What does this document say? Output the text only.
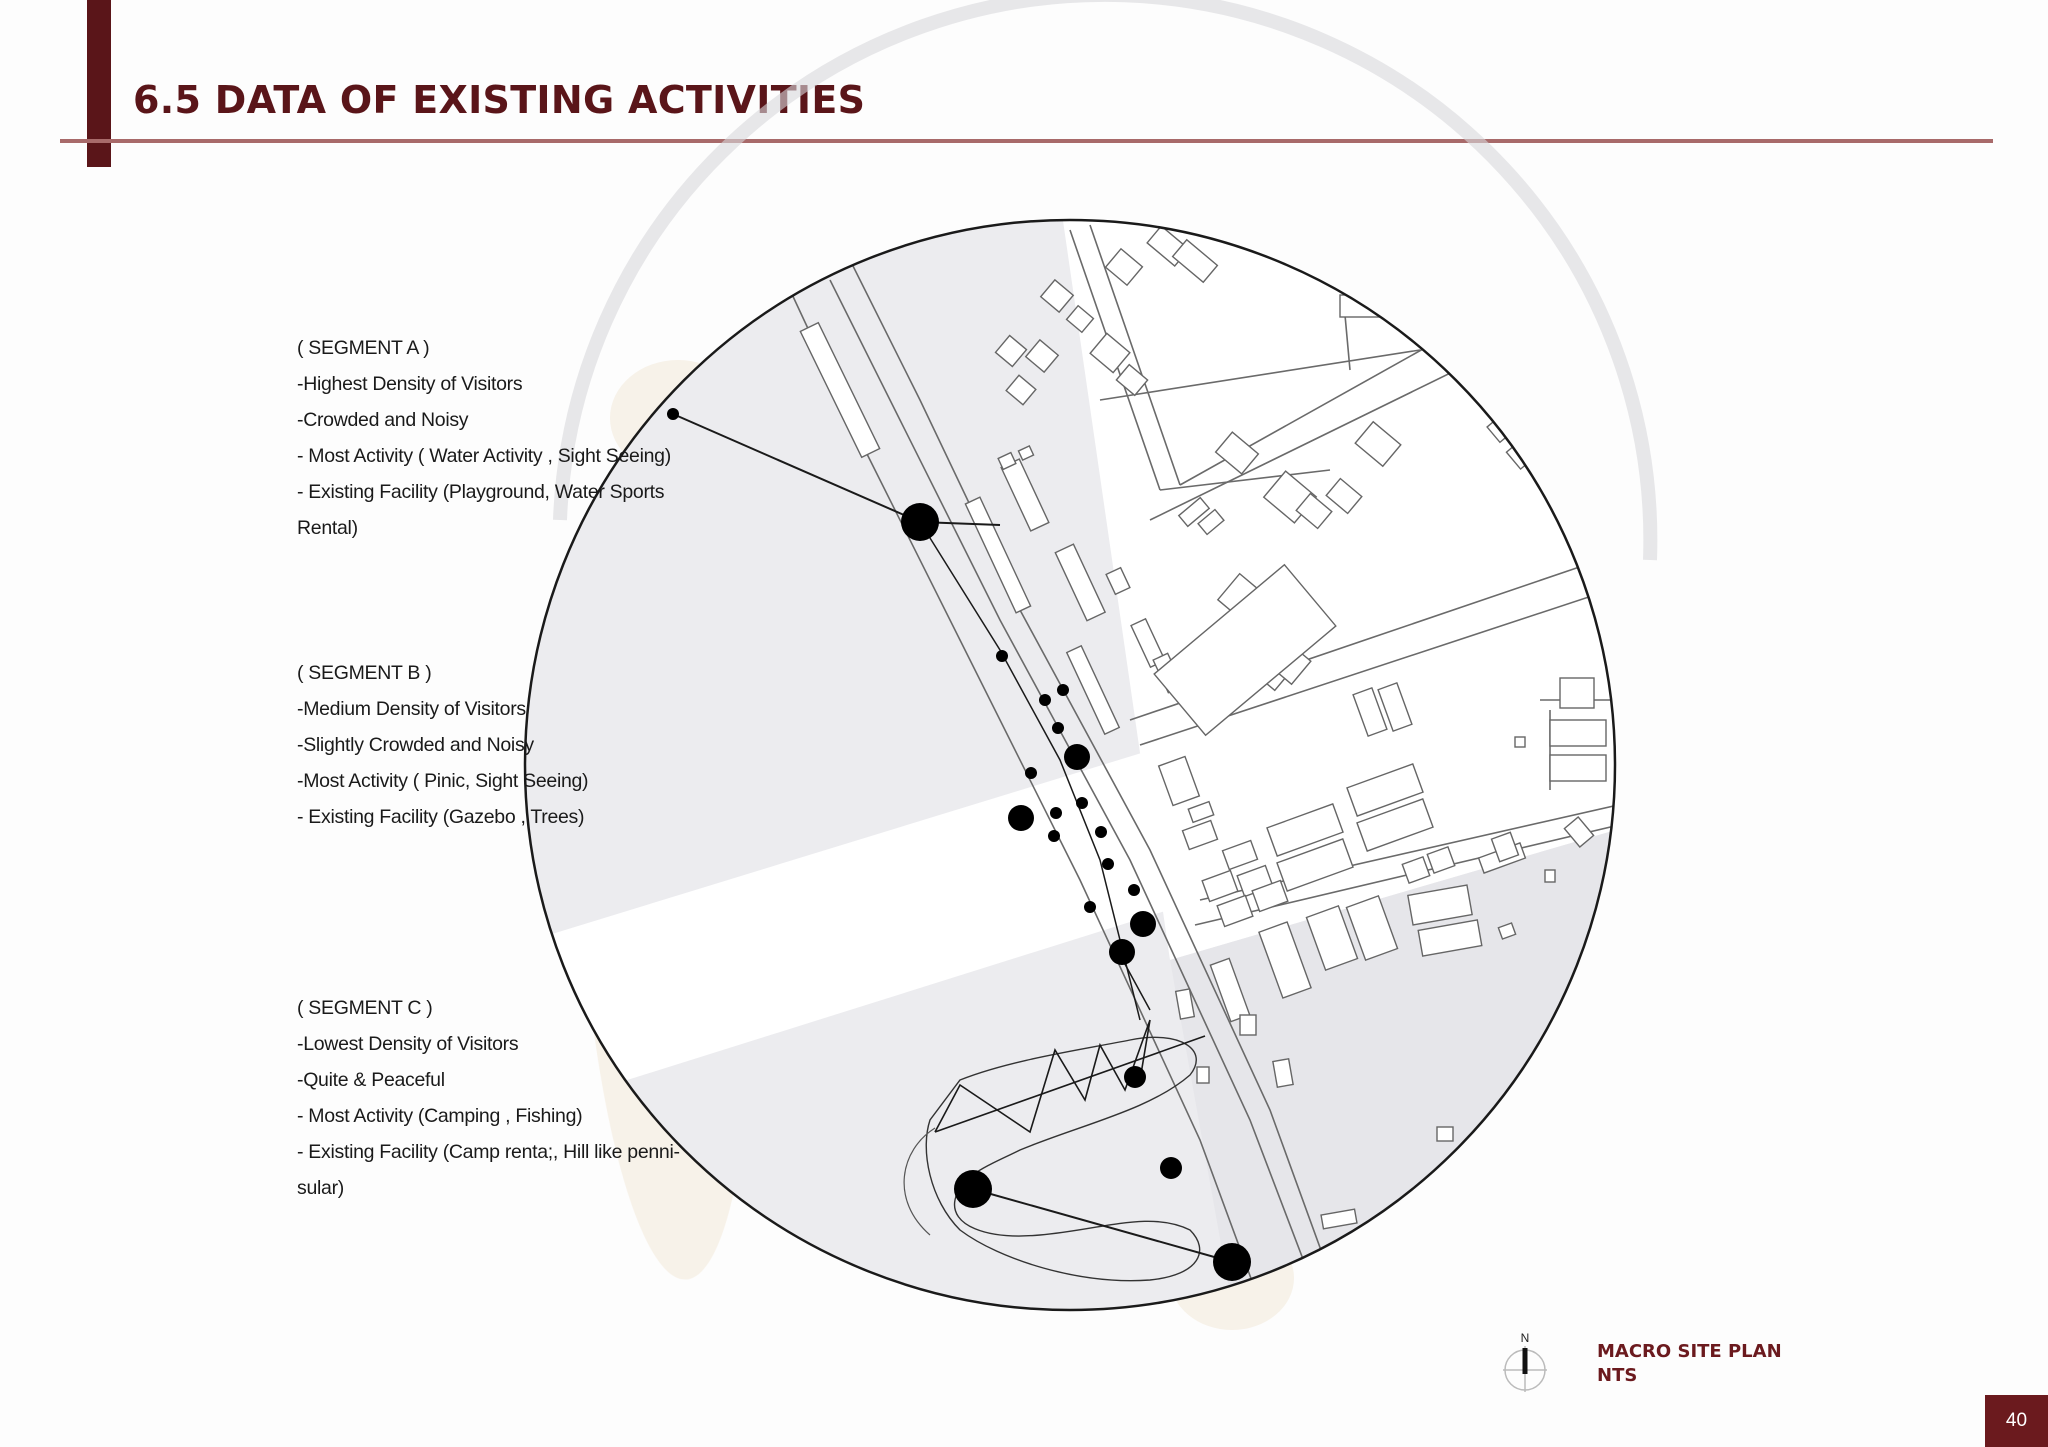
6.5 DATA OF EXISTING ACTIVITIES
( SEGMENT A )
-Highest Density of Visitors
-Crowded and Noisy
- Most Activity ( Water Activity , Sight Seeing)
- Existing Facility (Playground, Water Sports
Rental)
( SEGMENT B )
-Medium Density of Visitors
-Slightly Crowded and Noisy
-Most Activity ( Pinic, Sight Seeing)
- Existing Facility (Gazebo , Trees)
( SEGMENT C )
-Lowest Density of Visitors
-Quite & Peaceful
- Most Activity (Camping , Fishing)
- Existing Facility (Camp renta;, Hill like penni-
sular)
N
MACRO SITE PLAN
NTS
40
